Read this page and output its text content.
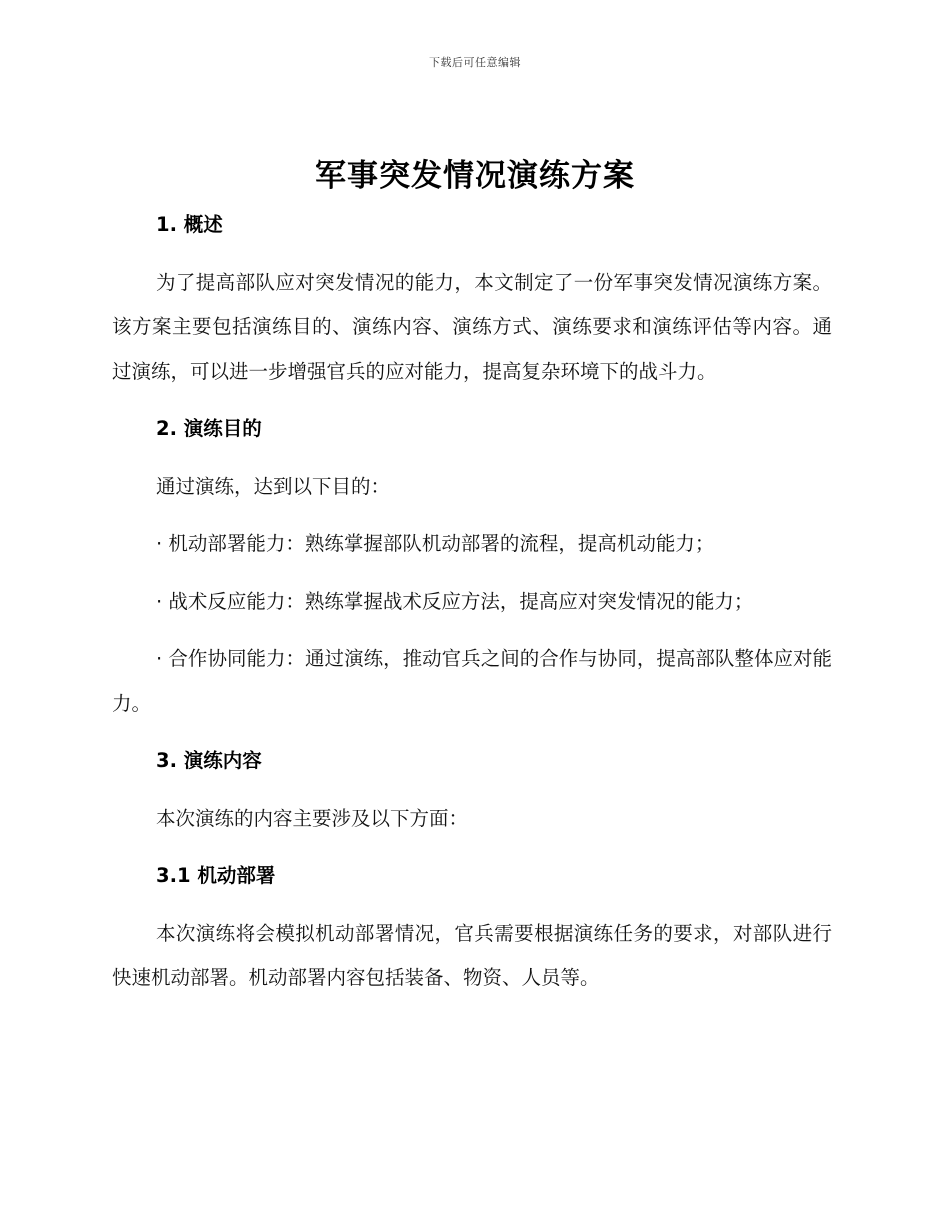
下载后可任意编辑
军事突发情况演练方案

1. 概述

为了提高部队应对突发情况的能力，本文制定了一份军事突发情况演练方案。该方案主要包括演练目的、演练内容、演练方式、演练要求和演练评估等内容。通过演练，可以进一步增强官兵的应对能力，提高复杂环境下的战斗力。

2. 演练目的

通过演练，达到以下目的：

· 机动部署能力：熟练掌握部队机动部署的流程，提高机动能力；

· 战术反应能力：熟练掌握战术反应方法，提高应对突发情况的能力；

· 合作协同能力：通过演练，推动官兵之间的合作与协同，提高部队整体应对能力。

3. 演练内容

本次演练的内容主要涉及以下方面：

3.1 机动部署

本次演练将会模拟机动部署情况，官兵需要根据演练任务的要求，对部队进行快速机动部署。机动部署内容包括装备、物资、人员等。
